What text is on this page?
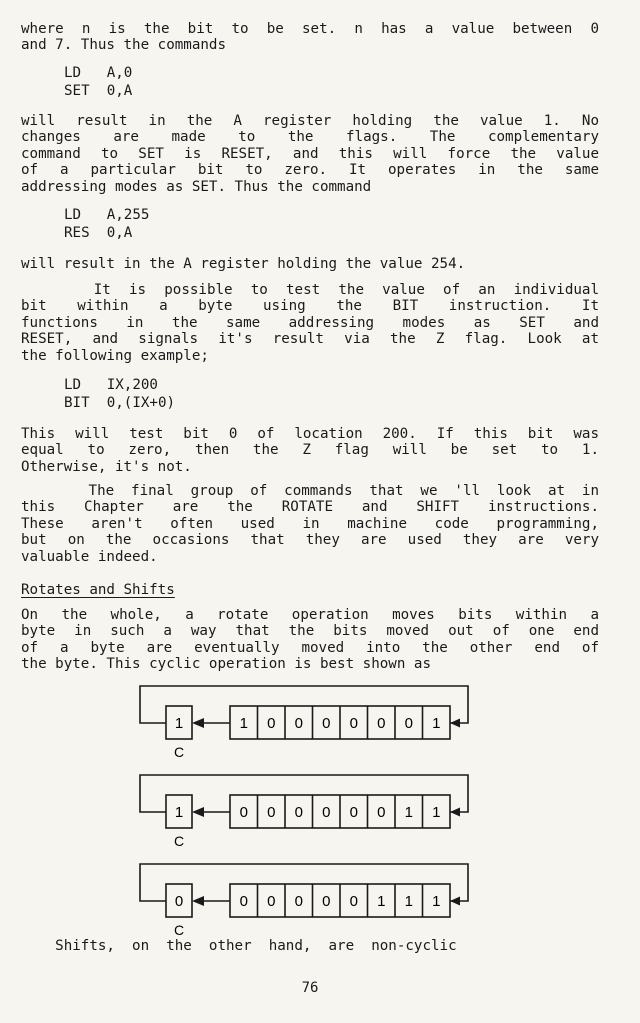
where n is the bit to be set. n has a value between 0
and 7. Thus the commands

LD   A,0
SET  0,A

will result in the A register holding the value 1. No
changes are made to the flags. The complementary
command to SET is RESET, and this will force the value
of a particular bit to zero. It operates in the same
addressing modes as SET. Thus the command

LD   A,255
RES  0,A

will result in the A register holding the value 254.

It is possible to test the value of an individual
bit within a byte using the BIT instruction. It
functions in the same addressing modes as SET and
RESET, and signals it's result via the Z flag. Look at
the following example;

LD   IX,200
BIT  0,(IX+0)

This will test bit 0 of location 200. If this bit was
equal to zero, then the Z flag will be set to 1.
Otherwise, it's not.

The final group of commands that we 'll look at in
this Chapter are the ROTATE and SHIFT instructions.
These aren't often used in machine code programming,
but on the occasions that they are used they are very
valuable indeed.

Rotates and Shifts

On the whole, a rotate operation moves bits within a
byte in such a way that the bits moved out of one end
of a byte are eventually moved into the other end of
the byte. This cyclic operation is best shown as

1	1 0 0 0 0 0 0 1
C
1	0 0 0 0 0 0 1 1
C
0	0 0 0 0 0 1 1 1
C

Shifts,  on  the  other  hand,  are  non-cyclic

76
